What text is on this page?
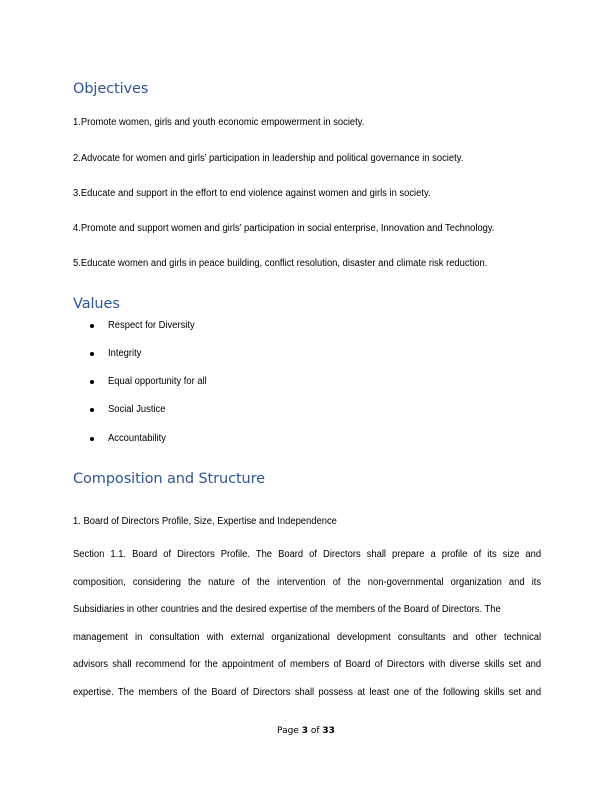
Objectives

1.Promote women, girls and youth economic empowerment in society.

2.Advocate for women and girls’ participation in leadership and political governance in society.

3.Educate and support in the effort to end violence against women and girls in society.

4.Promote and support women and girls’ participation in social enterprise, Innovation and Technology.

5.Educate women and girls in peace building, conflict resolution, disaster and climate risk reduction.

Values
Respect for Diversity
Integrity
Equal opportunity for all
Social Justice
Accountability
Composition and Structure

1. Board of Directors Profile, Size, Expertise and Independence

Section 1.1. Board of Directors Profile. The Board of Directors shall prepare a profile of its size and
composition, considering the nature of the intervention of the non-governmental organization and its
Subsidiaries in other countries and the desired expertise of the members of the Board of Directors. The
management in consultation with external organizational development consultants and other technical
advisors shall recommend for the appointment of members of Board of Directors with diverse skills set and
expertise. The members of the Board of Directors shall possess at least one of the following skills set and
Page 3 of 33
